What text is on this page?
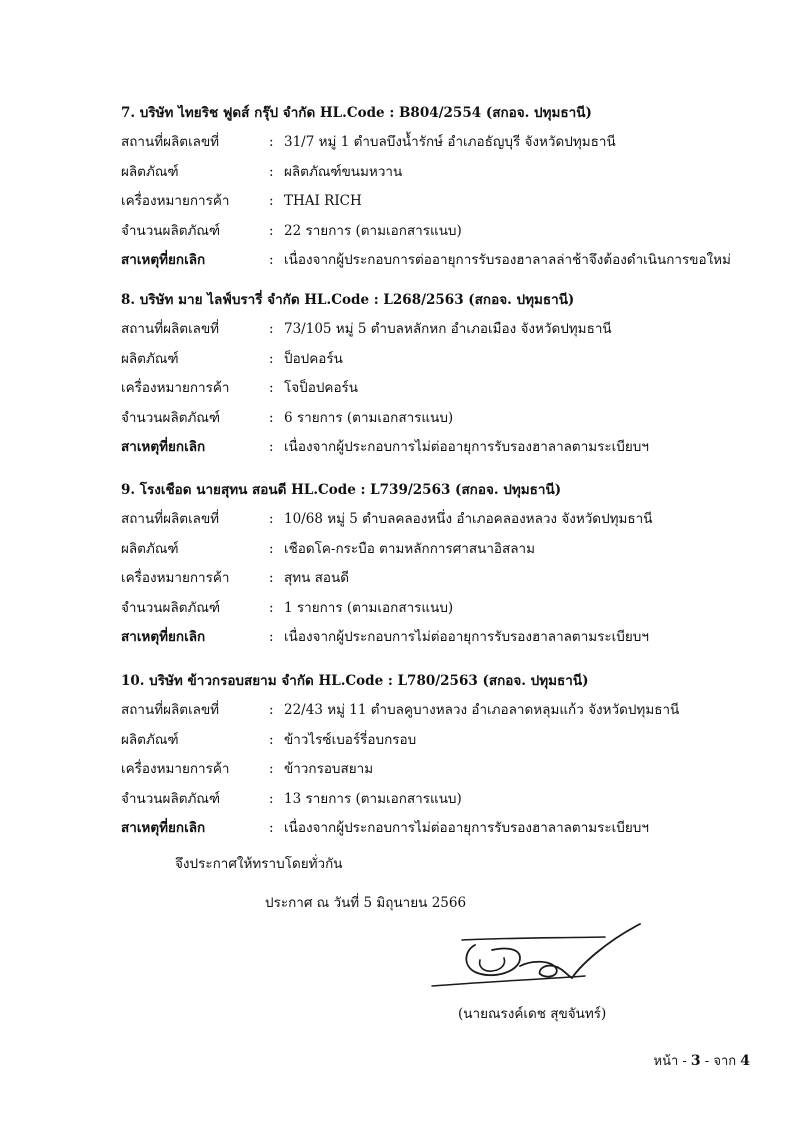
7. บริษัท ไทยริช ฟูดส์ กรุ๊ป จำกัด HL.Code : B804/2554 (สกอจ. ปทุมธานี)
สถานที่ผลิตเลขที่	: 31/7 หมู่ 1 ตำบลบึงน้ำรักษ์ อำเภอธัญบุรี จังหวัดปทุมธานี
ผลิตภัณฑ์	: ผลิตภัณฑ์ขนมหวาน
เครื่องหมายการค้า	: THAI RICH
จำนวนผลิตภัณฑ์	: 22 รายการ (ตามเอกสารแนบ)
สาเหตุที่ยกเลิก	: เนื่องจากผู้ประกอบการต่ออายุการรับรองฮาลาลล่าช้าจึงต้องดำเนินการขอใหม่
8. บริษัท มาย ไลฟ์บรารี่ จำกัด HL.Code : L268/2563 (สกอจ. ปทุมธานี)
สถานที่ผลิตเลขที่	: 73/105 หมู่ 5 ตำบลหลักหก อำเภอเมือง จังหวัดปทุมธานี
ผลิตภัณฑ์	: ป็อปคอร์น
เครื่องหมายการค้า	: โจป็อปคอร์น
จำนวนผลิตภัณฑ์	: 6 รายการ (ตามเอกสารแนบ)
สาเหตุที่ยกเลิก	: เนื่องจากผู้ประกอบการไม่ต่ออายุการรับรองฮาลาลตามระเบียบฯ
9. โรงเชือด นายสุทน สอนดี HL.Code : L739/2563 (สกอจ. ปทุมธานี)
สถานที่ผลิตเลขที่	: 10/68 หมู่ 5 ตำบลคลองหนึ่ง อำเภอคลองหลวง จังหวัดปทุมธานี
ผลิตภัณฑ์	: เชือดโค-กระบือ ตามหลักการศาสนาอิสลาม
เครื่องหมายการค้า	: สุทน สอนดี
จำนวนผลิตภัณฑ์	: 1 รายการ (ตามเอกสารแนบ)
สาเหตุที่ยกเลิก	: เนื่องจากผู้ประกอบการไม่ต่ออายุการรับรองฮาลาลตามระเบียบฯ
10. บริษัท ข้าวกรอบสยาม จำกัด HL.Code : L780/2563 (สกอจ. ปทุมธานี)
สถานที่ผลิตเลขที่	: 22/43 หมู่ 11 ตำบลคูบางหลวง อำเภอลาดหลุมแก้ว จังหวัดปทุมธานี
ผลิตภัณฑ์	: ข้าวไรซ์เบอร์รี่อบกรอบ
เครื่องหมายการค้า	: ข้าวกรอบสยาม
จำนวนผลิตภัณฑ์	: 13 รายการ (ตามเอกสารแนบ)
สาเหตุที่ยกเลิก	: เนื่องจากผู้ประกอบการไม่ต่ออายุการรับรองฮาลาลตามระเบียบฯ
จึงประกาศให้ทราบโดยทั่วกัน
ประกาศ ณ วันที่ 5 มิถุนายน 2566
(นายณรงค์เดช สุขจันทร์)
หน้า - 3 - จาก 4
